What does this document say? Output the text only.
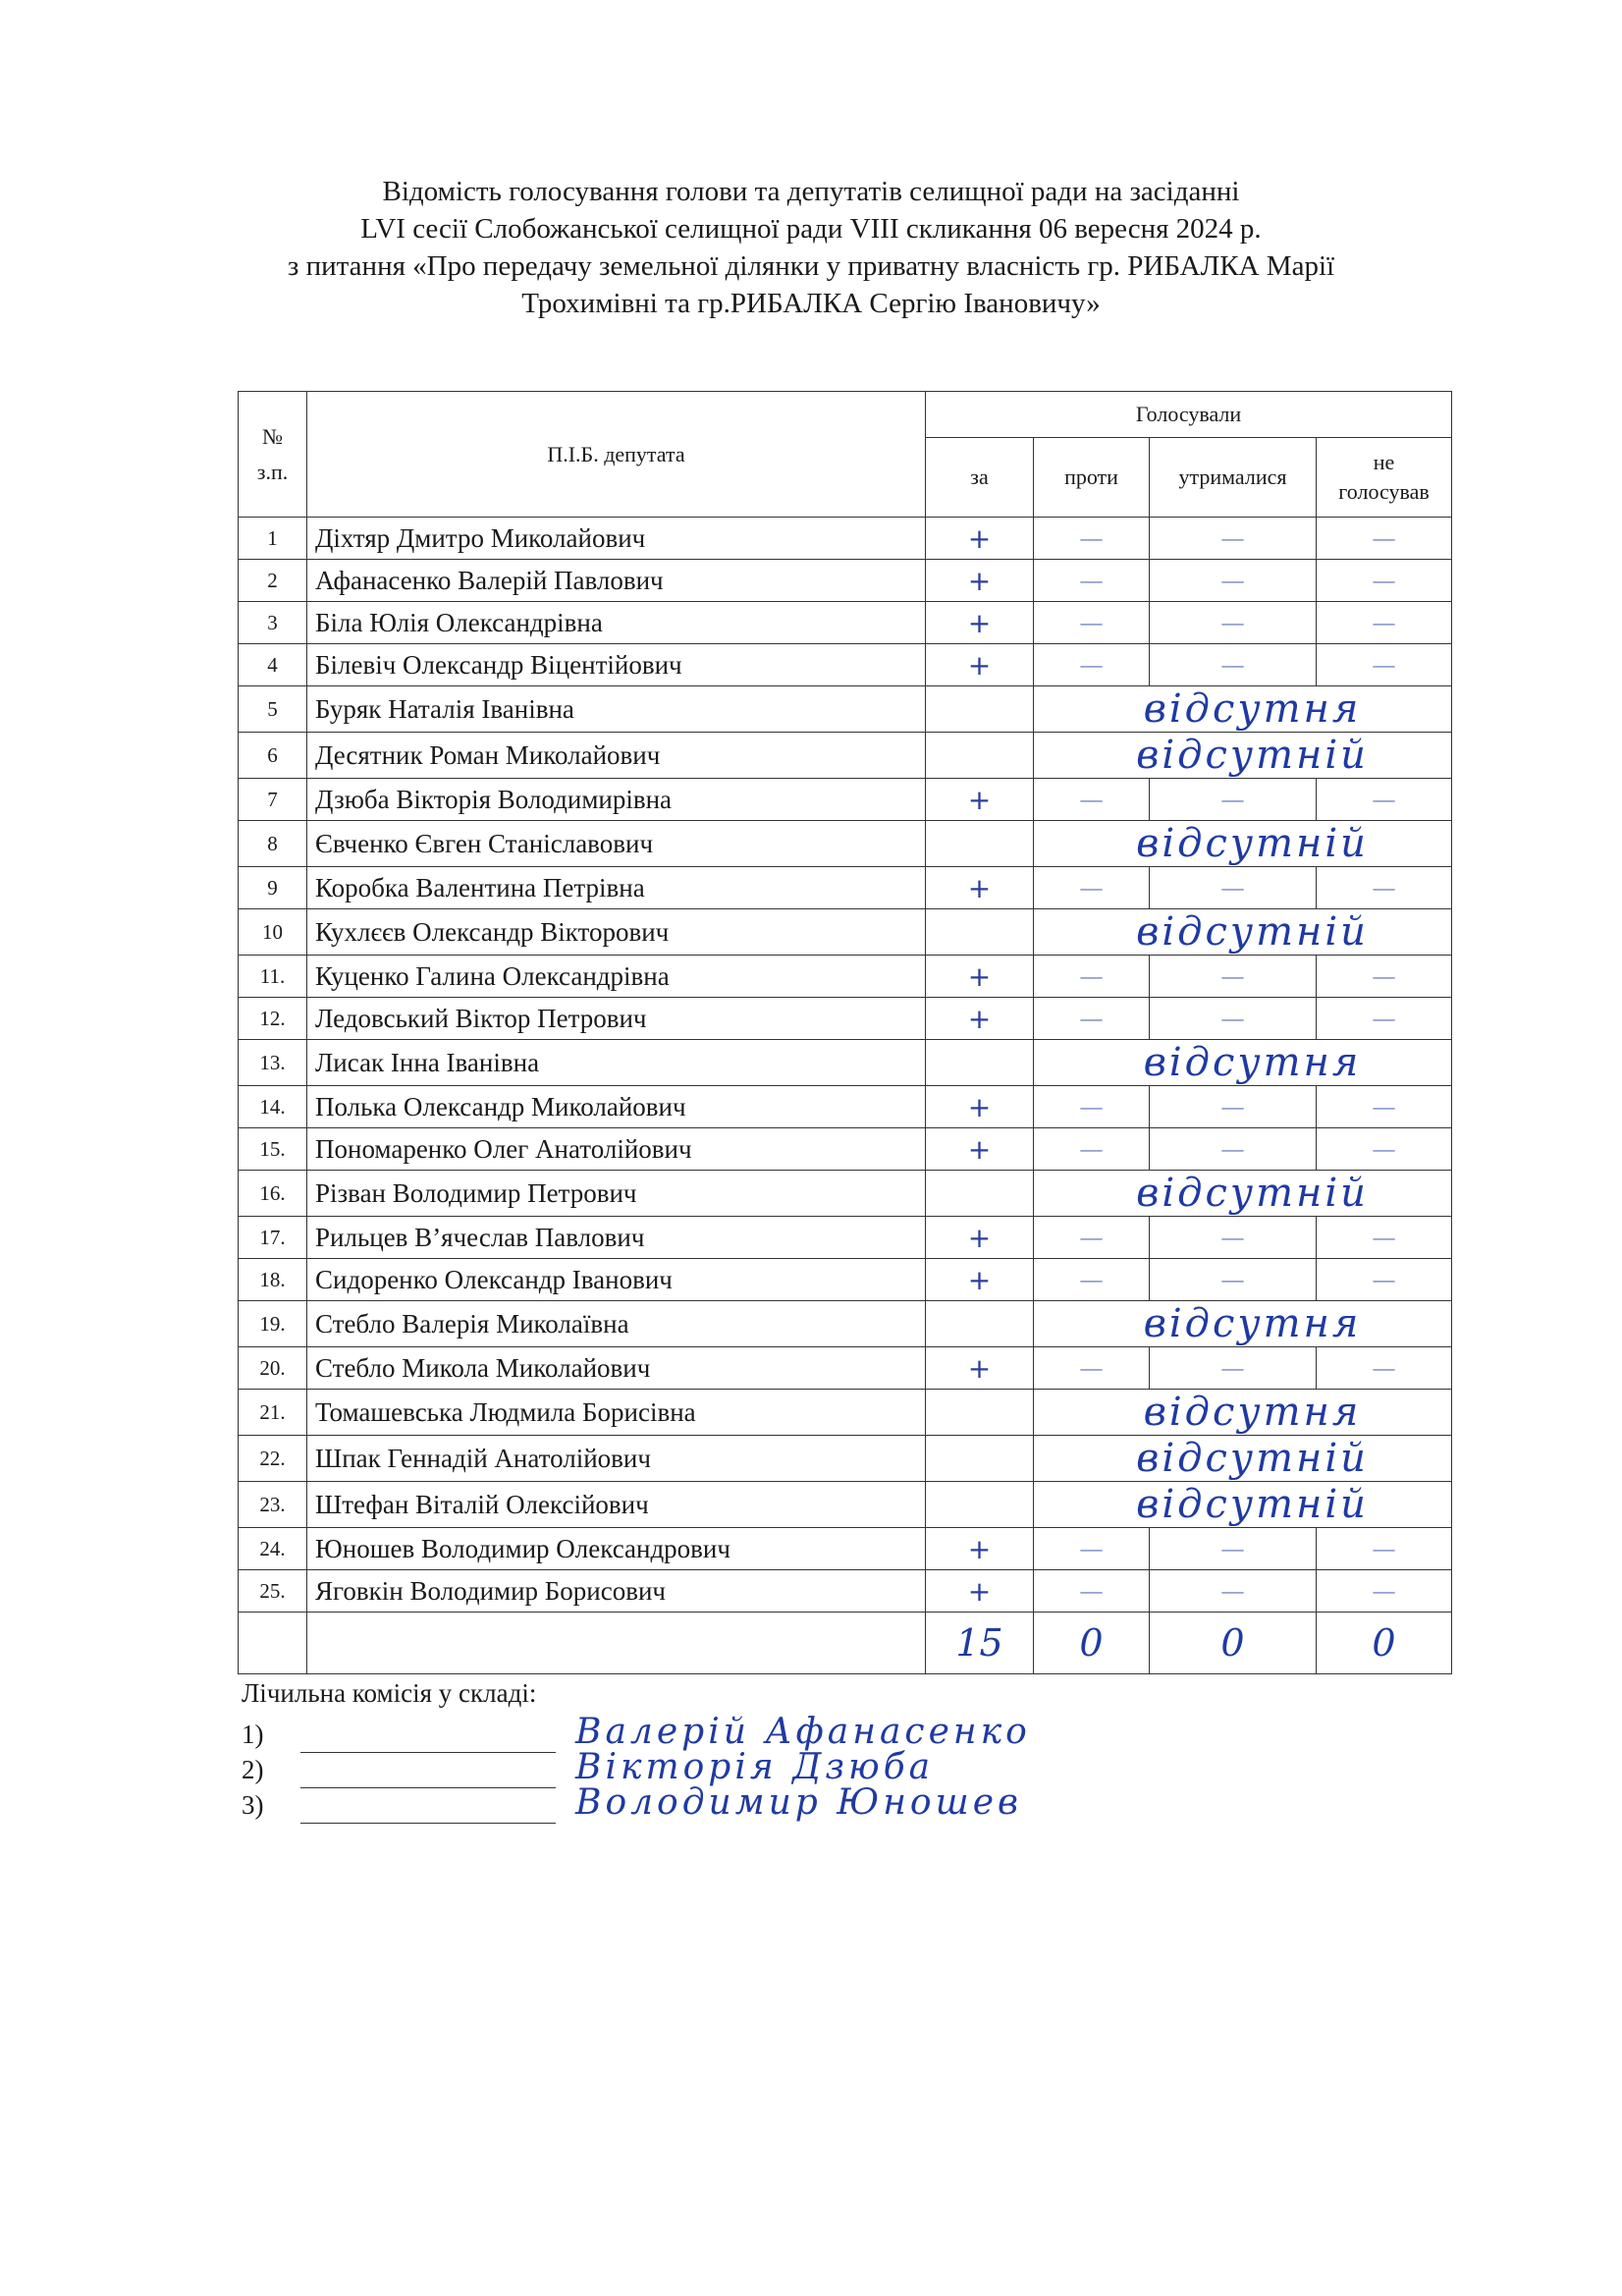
Відомість голосування голови та депутатів селищної ради на засіданні
LVI сесії Слобожанської селищної ради VIII скликання 06 вересня 2024 р.
з питання «Про передачу земельної ділянки у приватну власність гр. РИБАЛКА Марії
Трохимівні та гр.РИБАЛКА Сергію Івановичу»
№
з.п.	П.І.Б. депутата	Голосували			
		за	проти	утрималися	не
голосував
1	Діхтяр Дмитро Миколайович	+	—	—	—
2	Афанасенко Валерій Павлович	+	—	—	—
3	Біла Юлія Олександрівна	+	—	—	—
4	Білевіч Олександр Віцентійович	+	—	—	—
5	Буряк Наталія Іванівна		відсутня		
6	Десятник Роман Миколайович		відсутній		
7	Дзюба Вікторія Володимирівна	+	—	—	—
8	Євченко Євген Станіславович		відсутній		
9	Коробка Валентина Петрівна	+	—	—	—
10	Кухлєєв Олександр Вікторович		відсутній		
11.	Куценко Галина Олександрівна	+	—	—	—
12.	Ледовський Віктор Петрович	+	—	—	—
13.	Лисак Інна Іванівна		відсутня		
14.	Полька Олександр Миколайович	+	—	—	—
15.	Пономаренко Олег Анатолійович	+	—	—	—
16.	Різван Володимир Петрович		відсутній		
17.	Рильцев В’ячеслав Павлович	+	—	—	—
18.	Сидоренко Олександр Іванович	+	—	—	—
19.	Стебло Валерія Миколаївна		відсутня		
20.	Стебло Микола Миколайович	+	—	—	—
21.	Томашевська Людмила Борисівна		відсутня		
22.	Шпак Геннадій Анатолійович		відсутній		
23.	Штефан Віталій Олексійович		відсутній		
24.	Юношев Володимир Олександрович	+	—	—	—
25.	Яговкін Володимир Борисович	+	—	—	—
		15	0	0	0
Лічильна комісія у складі:
1)
	Валерій Афанасенко
2)
	Вікторія Дзюба
3)
	Володимир Юношев
